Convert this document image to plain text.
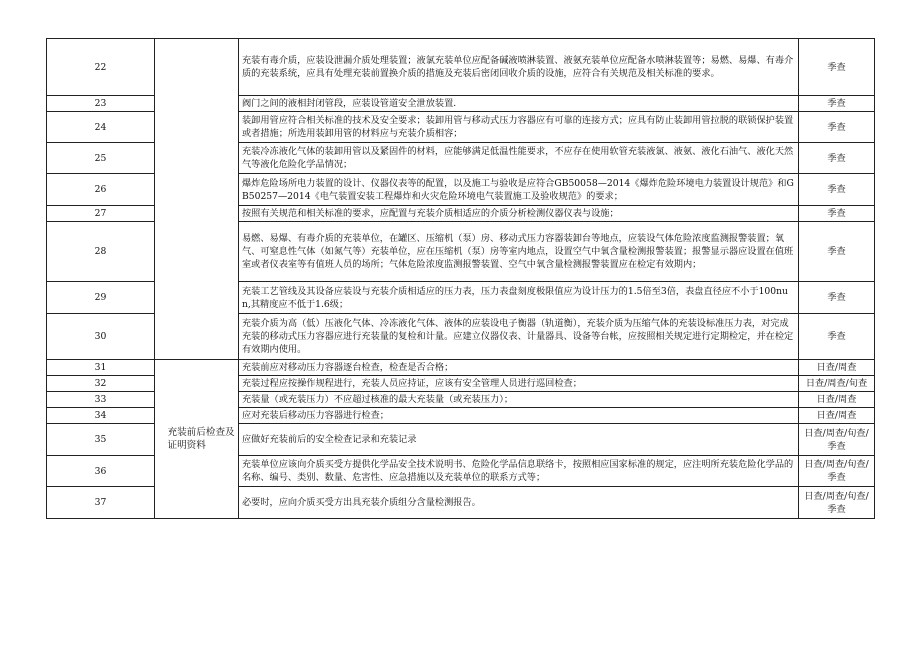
22			充装有毒介质，应装设泄漏介质处理装置；液氯充装单位应配备碱液喷淋装置、液氨充装单位应配备水喷淋装置等；易燃、易爆、有毒介质的充装系统，应具有处理充装前置换介质的措施及充装后密闭回收介质的设施，应符合有关规范及相关标准的要求。	季查
23			阀门之间的液相封闭管段，应装设管道安全泄放装置.	季查
24			装卸用管应符合相关标准的技术及安全要求；装卸用管与移动式压力容器应有可靠的连接方式；应具有防止装卸用管拉脱的联锁保护装置或者措施；所选用装卸用管的材料应与充装介质相容；	季查
25			充装冷冻液化气体的装卸用管以及紧固件的材料，应能够满足低温性能要求，不应存在使用软管充装液氯、液氨、液化石油气、液化天然气等液化危险化学品情况；	季查
26			爆炸危险场所电力装置的设计、仪器仪表等的配置，以及施工与验收是应符合GB50058—2014《爆炸危险环境电力装置设计规范》和GB50257—2014《电气装置安装工程爆炸和火灾危险环境电气装置施工及验收规范》的要求；	季查
27			按照有关规范和相关标准的要求，应配置与充装介质相适应的介质分析检测仪器仪表与设施；	季查
28			易燃、易爆、有毒介质的充装单位，在罐区、压缩机（泵）房、移动式压力容器装卸台等地点，应装设气体危险浓度监测报警装置；氧气、可窒息性气体（如氮气等）充装单位，应在压缩机（泵）房等室内地点，设置空气中氧含量检测报警装置；报警显示器应设置在值班室或者仪表室等有值班人员的场所；气体危险浓度监测报警装置、空气中氧含量检测报警装置应在检定有效期内；	季查
29			充装工艺管线及其设备应装设与充装介质相适应的压力表，压力表盘刻度极限值应为设计压力的1.5倍至3倍，表盘直径应不小于100nun,其精度应不低于1.6级；	季查
30			充装介质为高（低）压液化气体、冷冻液化气体、液体的应装设电子衡器（轨道衡），充装介质为压缩气体的充装设标准压力表，对完成充装的移动式压力容器应进行充装量的复检和计量。应建立仪器仪表、计量器具、设备等台帐，应按照相关规定进行定期检定，并在检定有效期内使用。	季查
31		充装前后检查及证明资料	充装前应对移动压力容器逐台检查，检查是否合格；	日查/周查
32			充装过程应按操作规程进行，充装人员应持证，应该有安全管理人员进行巡回检查；	日查/周查/旬查
33			充装量（或充装压力）不应超过核准的最大充装量（或充装压力）；	日查/周查
34			应对充装后移动压力容器进行检查；	日查/周查
35			应做好充装前后的安全检查记录和充装记录	日查/周查/旬查/季查
36			充装单位应该向介质买受方提供化学品安全技术说明书、危险化学品信息联络卡，按照相应国家标准的规定，应注明所充装危险化学品的名称、编号、类别、数量、危害性、应急措施以及充装单位的联系方式等；	日查/周查/旬查/季查
37			必要时，应向介质买受方出具充装介质组分含量检测报告。	日查/周查/旬查/季查
